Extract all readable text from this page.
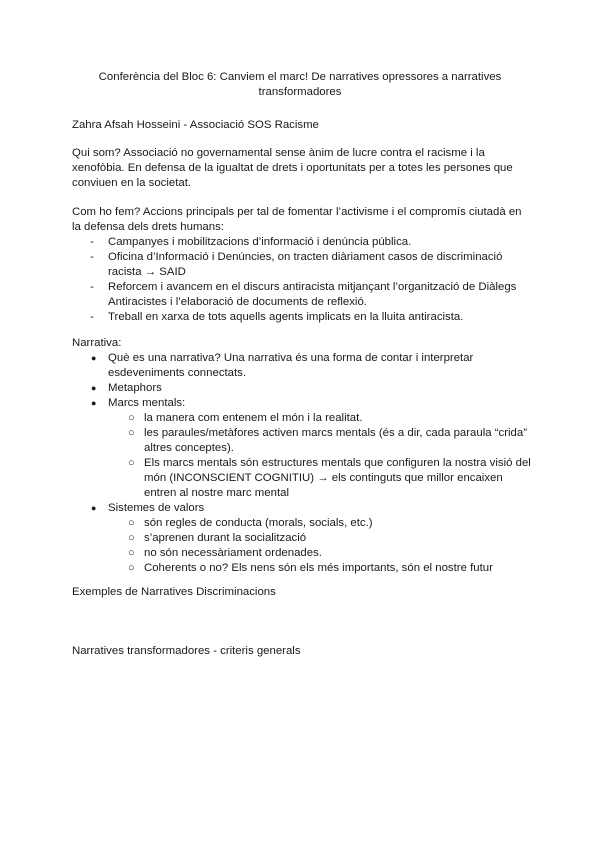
Conferència del Bloc 6: Canviem el marc! De narratives opressores a narratives
transformadores

Zahra Afsah Hosseini - Associació SOS Racisme

Qui som? Associació no governamental sense ànim de lucre contra el racisme i la xenofòbia. En defensa de la igualtat de drets i oportunitats per a totes les persones que conviuen en la societat.

Com ho fem? Accions principals per tal de fomentar l’activisme i el compromís ciutadà en la defensa dels drets humans:
- Campanyes i mobilitzacions d’informació i denúncia pública.
- Oficina d’Informació i Denúncies, on tracten diàriament casos de discriminació racista → SAID
- Reforcem i avancem en el discurs antiracista mitjançant l’organització de Diàlegs Antiracistes i l’elaboració de documents de reflexió.
- Treball en xarxa de tots aquells agents implicats en la lluita antiracista.
Narrativa:
● Què es una narrativa? Una narrativa és una forma de contar i interpretar esdeveniments connectats.
● Metaphors
● Marcs mentals:
○ la manera com entenem el món i la realitat.
○ les paraules/metàfores activen marcs mentals (és a dir, cada paraula “crida” altres conceptes).
○ Els marcs mentals són estructures mentals que configuren la nostra visió del món (INCONSCIENT COGNITIU) → els continguts que millor encaixen entren al nostre marc mental
● Sistemes de valors
○ són regles de conducta (morals, socials, etc.)
○ s’aprenen durant la socialització
○ no són necessàriament ordenades.
○ Coherents o no? Els nens són els més importants, són el nostre futur

Exemples de Narratives Discriminacions

Narratives transformadores - criteris generals
